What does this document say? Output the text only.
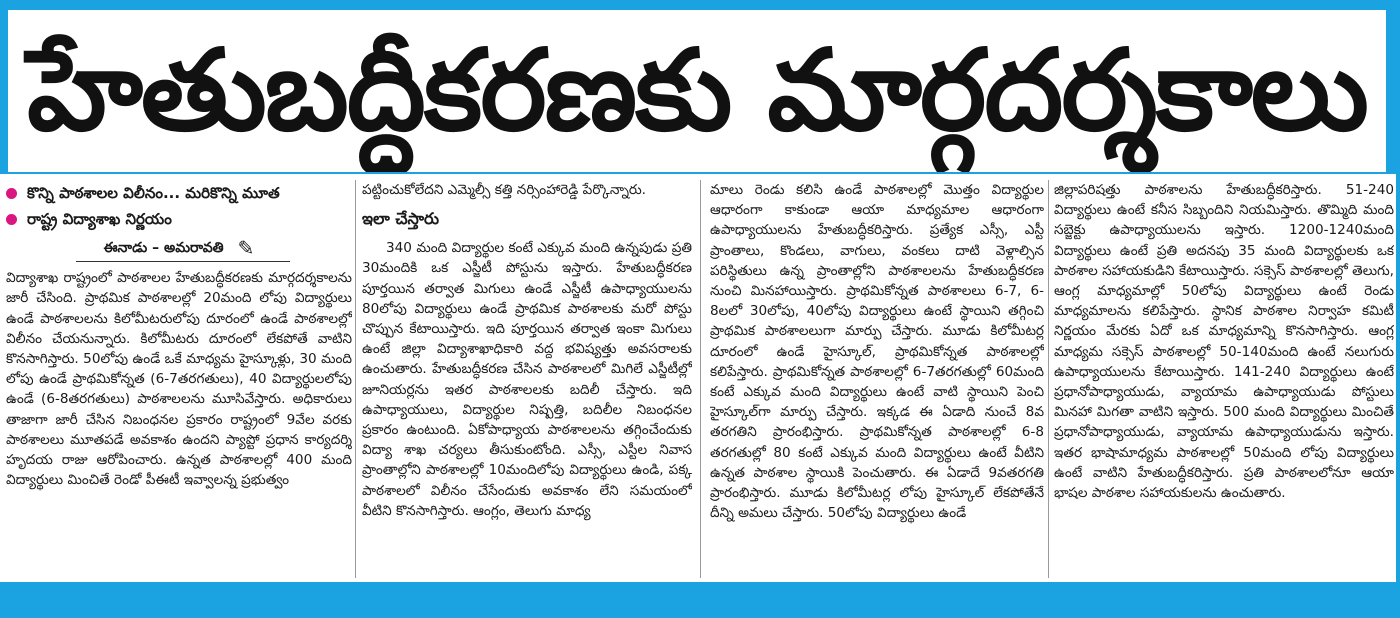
హేతుబద్ధీకరణకు మార్గదర్శకాలు
కొన్ని పాఠశాలల విలీనం... మరికొన్ని మూత
రాష్ట్ర విద్యాశాఖ నిర్ణయం
ఈనాడు – అమరావతి ✎

విద్యాశాఖ రాష్ట్రంలో పాఠశాలల హేతుబద్ధీకరణకు మార్గదర్శకాలను జారీ చేసింది. ప్రాథమిక పాఠశాలల్లో 20మంది లోపు విద్యార్థులు ఉండే పాఠశాలలను కిలోమీటరులోపు దూరంలో ఉండే పాఠశాలల్లో విలీనం చేయనున్నారు. కిలోమీటరు దూరంలో లేకపోతే వాటిని కొనసాగిస్తారు. 50లోపు ఉండే ఒకే మాధ్యమ హైస్కూళ్లు, 30 మంది లోపు ఉండే ప్రాథమికోన్నత (6-7తరగతులు), 40 విద్యార్థులలోపు ఉండే (6-8తరగతులు) పాఠశాలలను మూసివేస్తారు. అధికారులు తాజాగా జారీ చేసిన నిబంధనల ప్రకారం రాష్ట్రంలో 9వేల వరకు పాఠశాలలు మూతపడే అవకాశం ఉందని ప్యాప్టో ప్రధాన కార్యదర్శి హృదయ రాజు ఆరోపించారు. ఉన్నత పాఠశాలల్లో 400 మంది విద్యార్థులు మించితే రెండో పీఈటీ ఇవ్వాలన్న ప్రభుత్వం

పట్టించుకోలేదని ఎమ్మెల్సీ కత్తి నర్సింహారెడ్డి పేర్కొన్నారు.

ఇలా చేస్తారు

340 మంది విద్యార్థుల కంటే ఎక్కువ మంది ఉన్నపుడు ప్రతి 30మందికి ఒక ఎస్జీటీ పోస్టును ఇస్తారు. హేతుబద్ధీకరణ పూర్తయిన తర్వాత మిగులు ఉండే ఎస్జీటీ ఉపాధ్యాయులను 80లోపు విద్యార్థులు ఉండే ప్రాథమిక పాఠశాలకు మరో పోస్టు చొప్పున కేటాయిస్తారు. ఇది పూర్తయిన తర్వాత ఇంకా మిగులు ఉంటే జిల్లా విద్యాశాఖాధికారి వద్ద భవిష్యత్తు అవసరాలకు ఉంచుతారు. హేతుబద్ధీకరణ చేసిన పాఠశాలలో మిగిలే ఎస్జీటీల్లో జూనియర్లను ఇతర పాఠశాలలకు బదిలీ చేస్తారు. ఇది ఉపాధ్యాయులు, విద్యార్థుల నిష్పత్తి, బదిలీల నిబంధనల ప్రకారం ఉంటుంది. ఏకోపాధ్యాయ పాఠశాలలను తగ్గించేందుకు విద్యా శాఖ చర్యలు తీసుకుంటోంది. ఎస్సీ, ఎస్టీల నివాస ప్రాంతాల్లోని పాఠశాలల్లో 10మందిలోపు విద్యార్థులు ఉండి, పక్క పాఠశాలలో విలీనం చేసేందుకు అవకాశం లేని సమయంలో వీటిని కొనసాగిస్తారు. ఆంగ్లం, తెలుగు మాధ్య

మాలు రెండు కలిసి ఉండే పాఠశాలల్లో మొత్తం విద్యార్థుల ఆధారంగా కాకుండా ఆయా మాధ్యమాల ఆధారంగా ఉపాధ్యాయులను హేతుబద్ధీకరిస్తారు. ప్రత్యేక ఎస్సీ, ఎస్టీ ప్రాంతాలు, కొండలు, వాగులు, వంకలు దాటి వెళ్లాల్సిన పరిస్థితులు ఉన్న ప్రాంతాల్లోని పాఠశాలలను హేతుబద్ధీకరణ నుంచి మినహాయిస్తారు. ప్రాథమికోన్నత పాఠశాలలు 6-7, 6-8లలో 30లోపు, 40లోపు విద్యార్థులు ఉంటే స్థాయిని తగ్గించి ప్రాథమిక పాఠశాలలుగా మార్పు చేస్తారు. మూడు కిలోమీటర్ల దూరంలో ఉండే హైస్కూల్, ప్రాథమికోన్నత పాఠశాలల్లో కలిపేస్తారు. ప్రాథమికోన్నత పాఠశాలల్లో 6-7తరగతుల్లో 60మంది కంటే ఎక్కువ మంది విద్యార్థులు ఉంటే వాటి స్థాయిని పెంచి హైస్కూల్‌గా మార్పు చేస్తారు. ఇక్కడ ఈ ఏడాది నుంచే 8వ తరగతిని ప్రారంభిస్తారు. ప్రాథమికోన్నత పాఠశాలల్లో 6-8 తరగతుల్లో 80 కంటే ఎక్కువ మంది విద్యార్థులు ఉంటే వీటిని ఉన్నత పాఠశాల స్థాయికి పెంచుతారు. ఈ ఏడాదే 9వతరగతి ప్రారంభిస్తారు. మూడు కిలోమీటర్ల లోపు హైస్కూల్ లేకపోతేనే దీన్ని అమలు చేస్తారు. 50లోపు విద్యార్థులు ఉండే

జిల్లాపరిషత్తు పాఠశాలను హేతుబద్ధీకరిస్తారు. 51-240 విద్యార్థులు ఉంటే కనీస సిబ్బందిని నియమిస్తారు. తొమ్మిది మంది సబ్జెక్టు ఉపాధ్యాయులను ఇస్తారు. 1200-1240మంది విద్యార్థులు ఉంటే ప్రతి అదనపు 35 మంది విద్యార్థులకు ఒక పాఠశాల సహాయకుడిని కేటాయిస్తారు. సక్సెస్ పాఠశాలల్లో తెలుగు, ఆంగ్ల మాధ్యమాల్లో 50లోపు విద్యార్థులు ఉంటే రెండు మాధ్యమాలను కలిపేస్తారు. స్థానిక పాఠశాల నిర్వాహ కమిటీ నిర్ణయం మేరకు ఏదో ఒక మాధ్యమాన్ని కొనసాగిస్తారు. ఆంగ్ల మాధ్యమ సక్సెస్ పాఠశాలల్లో 50-140మంది ఉంటే నలుగురు ఉపాధ్యాయులను కేటాయిస్తారు. 141-240 విద్యార్థులు ఉంటే ప్రధానోపాధ్యాయుడు, వ్యాయామ ఉపాధ్యాయుడు పోస్టులు మినహా మిగతా వాటిని ఇస్తారు. 500 మంది విద్యార్థులు మించితే ప్రధానోపాధ్యాయుడు, వ్యాయామ ఉపాధ్యాయుడును ఇస్తారు. ఇతర భాషామాధ్యమ పాఠశాలల్లో 50మంది లోపు విద్యార్థులు ఉంటే వాటిని హేతుబద్ధీకరిస్తారు. ప్రతి పాఠశాలలోనూ ఆయా భాషల పాఠశాల సహాయకులను ఉంచుతారు.
